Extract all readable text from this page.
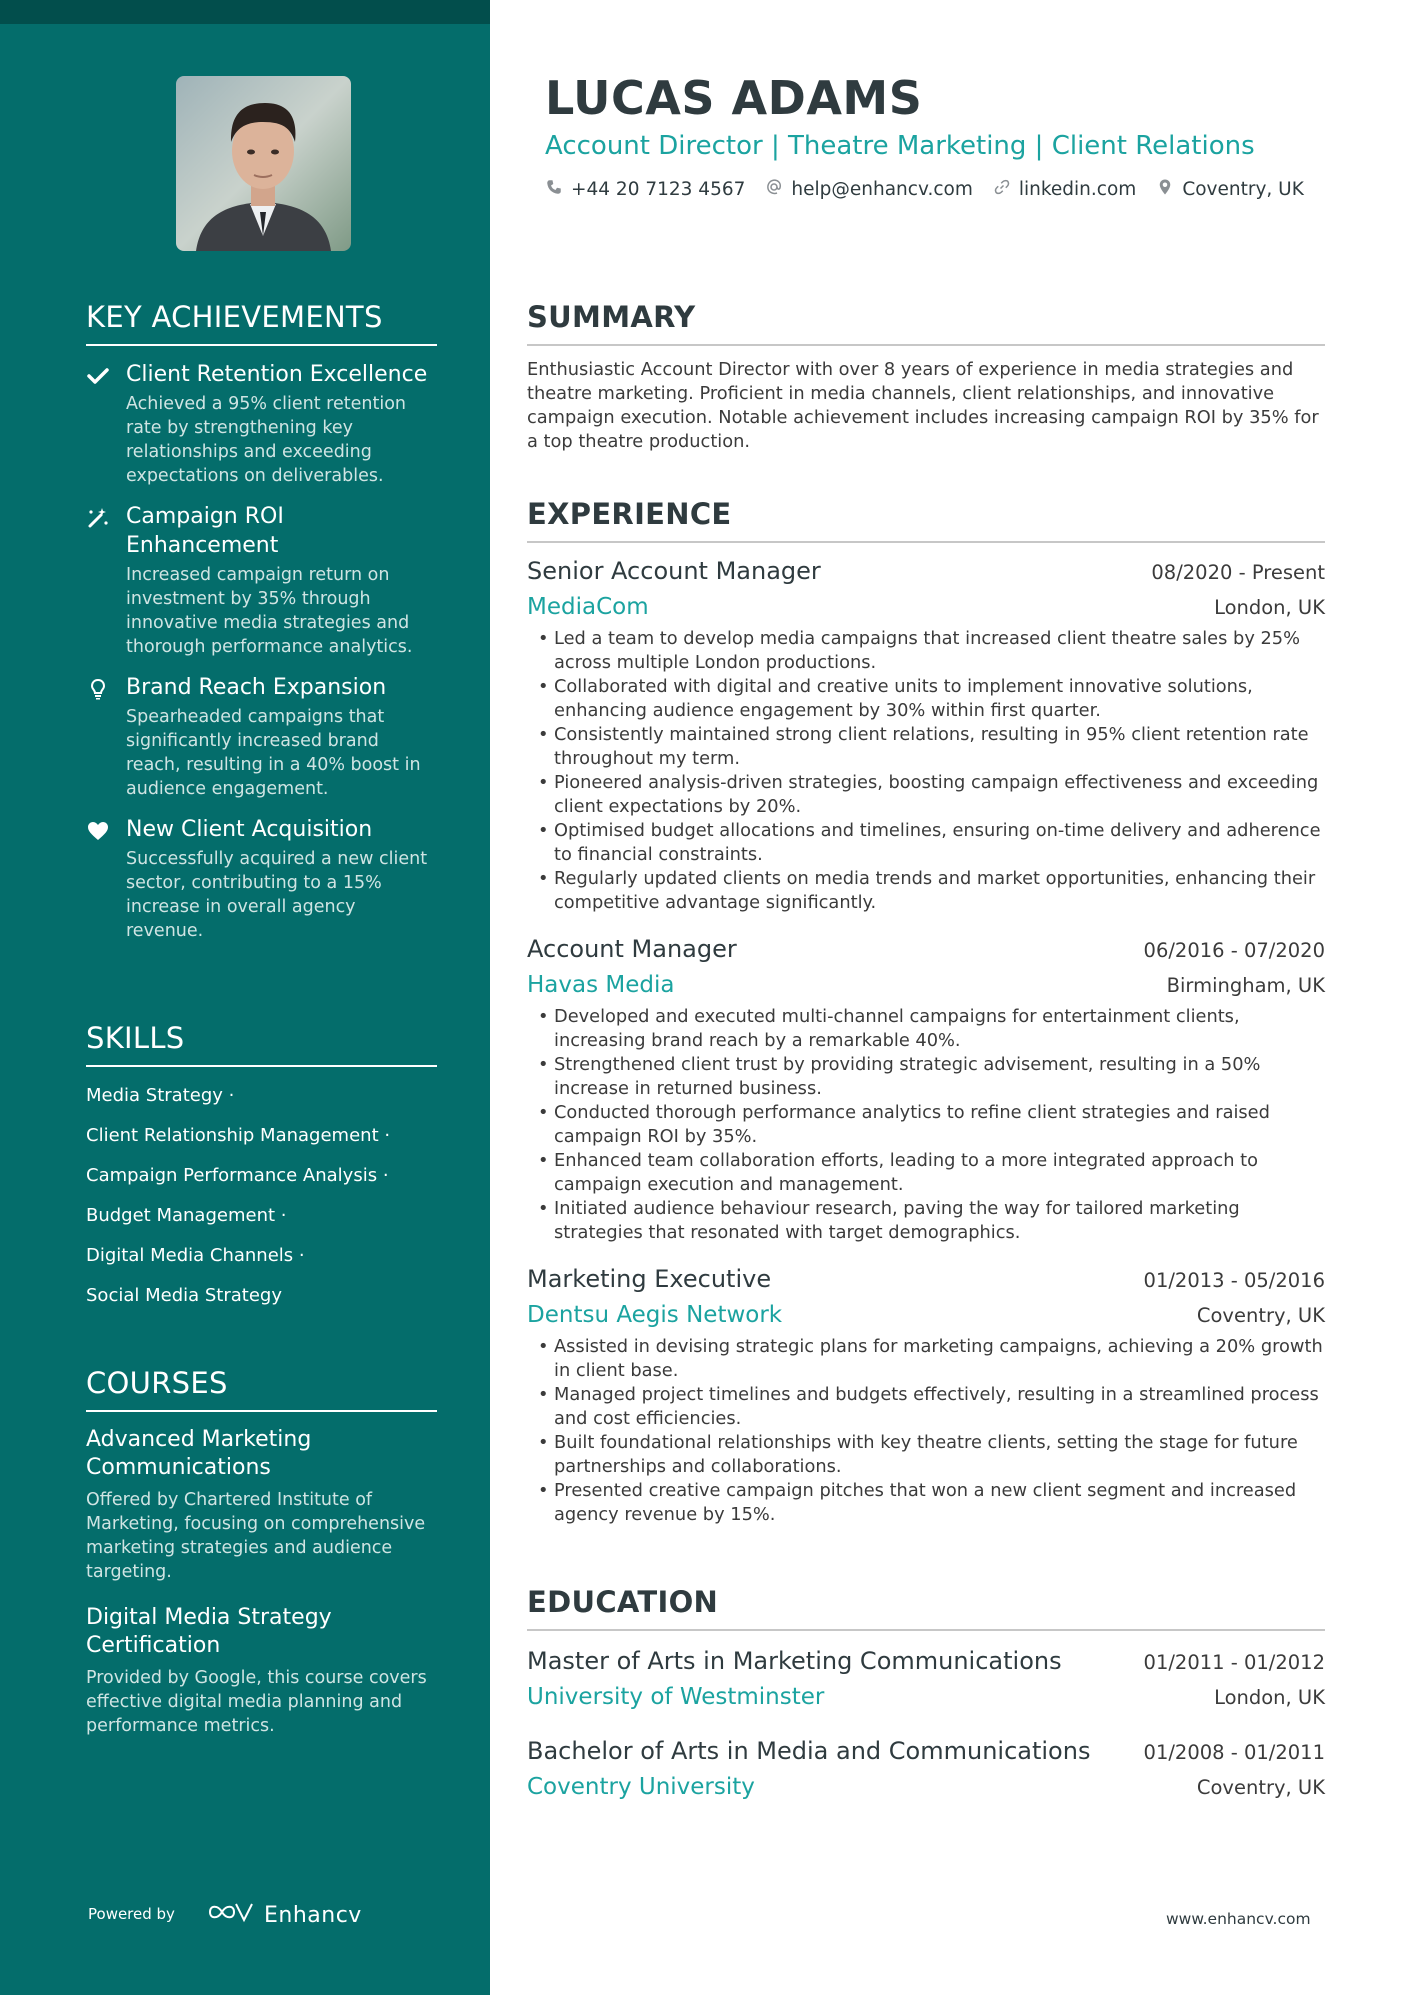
KEY ACHIEVEMENTS
Client Retention Excellence
Achieved a 95% client retention rate by strengthening key relationships and exceeding expectations on deliverables.
Campaign ROI Enhancement
Increased campaign return on investment by 35% through innovative media strategies and thorough performance analytics.
Brand Reach Expansion
Spearheaded campaigns that significantly increased brand reach, resulting in a 40% boost in audience engagement.
New Client Acquisition
Successfully acquired a new client sector, contributing to a 15% increase in overall agency revenue.
SKILLS
Media Strategy ·
Client Relationship Management ·
Campaign Performance Analysis ·
Budget Management ·
Digital Media Channels ·
Social Media Strategy
COURSES
Advanced Marketing Communications
Offered by Chartered Institute of Marketing, focusing on comprehensive marketing strategies and audience targeting.
Digital Media Strategy Certification
Provided by Google, this course covers effective digital media planning and performance metrics.
Powered by	Enhancv
LUCAS ADAMS
Account Director | Theatre Marketing | Client Relations
+44 20 7123 4567 help@enhancv.com linkedin.com Coventry, UK
SUMMARY

Enthusiastic Account Director with over 8 years of experience in media strategies and theatre marketing. Proficient in media channels, client relationships, and innovative campaign execution. Notable achievement includes increasing campaign ROI by 35% for a top theatre production.

EXPERIENCE
Senior Account Manager	08/2020 - Present
MediaCom	London, UK
• Led a team to develop media campaigns that increased client theatre sales by 25% across multiple London productions.
• Collaborated with digital and creative units to implement innovative solutions, enhancing audience engagement by 30% within first quarter.
• Consistently maintained strong client relations, resulting in 95% client retention rate throughout my term.
• Pioneered analysis-driven strategies, boosting campaign effectiveness and exceeding client expectations by 20%.
• Optimised budget allocations and timelines, ensuring on-time delivery and adherence to financial constraints.
• Regularly updated clients on media trends and market opportunities, enhancing their competitive advantage significantly.
Account Manager	06/2016 - 07/2020
Havas Media	Birmingham, UK
• Developed and executed multi-channel campaigns for entertainment clients, increasing brand reach by a remarkable 40%.
• Strengthened client trust by providing strategic advisement, resulting in a 50% increase in returned business.
• Conducted thorough performance analytics to refine client strategies and raised campaign ROI by 35%.
• Enhanced team collaboration efforts, leading to a more integrated approach to campaign execution and management.
• Initiated audience behaviour research, paving the way for tailored marketing strategies that resonated with target demographics.
Marketing Executive	01/2013 - 05/2016
Dentsu Aegis Network	Coventry, UK
• Assisted in devising strategic plans for marketing campaigns, achieving a 20% growth in client base.
• Managed project timelines and budgets effectively, resulting in a streamlined process and cost efficiencies.
• Built foundational relationships with key theatre clients, setting the stage for future partnerships and collaborations.
• Presented creative campaign pitches that won a new client segment and increased agency revenue by 15%.
EDUCATION
Master of Arts in Marketing Communications	01/2011 - 01/2012
University of Westminster	London, UK
Bachelor of Arts in Media and Communications	01/2008 - 01/2011
Coventry University	Coventry, UK
www.enhancv.com
